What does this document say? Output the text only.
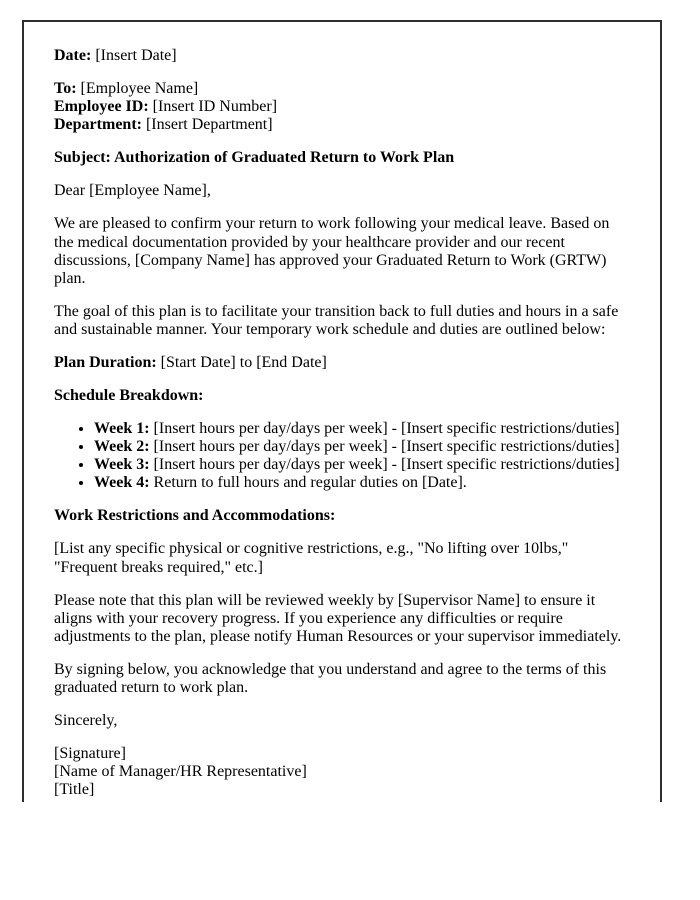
Date: [Insert Date]

To: [Employee Name]
Employee ID: [Insert ID Number]
Department: [Insert Department]

Subject: Authorization of Graduated Return to Work Plan

Dear [Employee Name],

We are pleased to confirm your return to work following your medical leave. Based on the medical documentation provided by your healthcare provider and our recent discussions, [Company Name] has approved your Graduated Return to Work (GRTW) plan.

The goal of this plan is to facilitate your transition back to full duties and hours in a safe and sustainable manner. Your temporary work schedule and duties are outlined below:

Plan Duration: [Start Date] to [End Date]

Schedule Breakdown:

• Week 1: [Insert hours per day/days per week] - [Insert specific restrictions/duties]
• Week 2: [Insert hours per day/days per week] - [Insert specific restrictions/duties]
• Week 3: [Insert hours per day/days per week] - [Insert specific restrictions/duties]
• Week 4: Return to full hours and regular duties on [Date].

Work Restrictions and Accommodations:

[List any specific physical or cognitive restrictions, e.g., "No lifting over 10lbs," "Frequent breaks required," etc.]

Please note that this plan will be reviewed weekly by [Supervisor Name] to ensure it aligns with your recovery progress. If you experience any difficulties or require adjustments to the plan, please notify Human Resources or your supervisor immediately.

By signing below, you acknowledge that you understand and agree to the terms of this graduated return to work plan.

Sincerely,

[Signature]
[Name of Manager/HR Representative]
[Title]
